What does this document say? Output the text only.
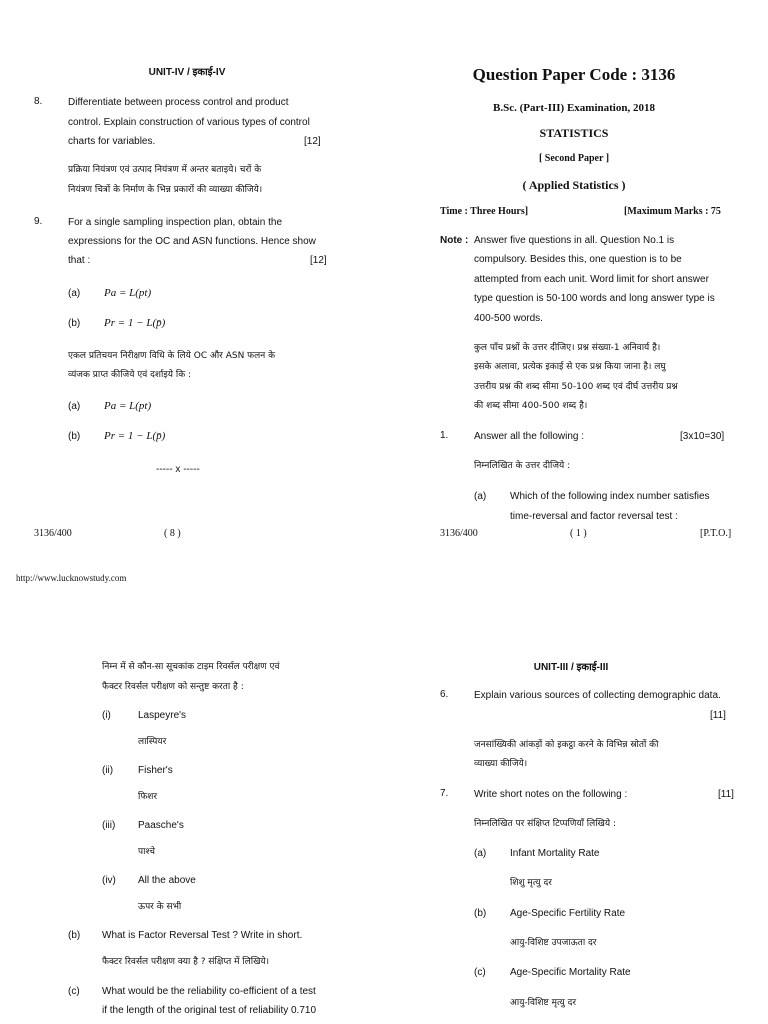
UNIT-IV / इकाई-IV
8.	Differentiate between process control and product
control. Explain construction of various types of control
charts for variables.	[12]
प्रक्रिया नियंत्रण एवं उत्पाद नियंत्रण में अन्तर बताइये। चरों के
नियंत्रण चित्रों के निर्माण के भिन्न प्रकारों की व्याख्या कीजिये।
9.	For a single sampling inspection plan, obtain the
expressions for the OC and ASN functions. Hence show
that :	[12]
(a) Pa = L(pt)
(b) Pr = 1 − L(p̄)
एकल प्रतिचयन निरीक्षण विधि के लिये OC और ASN फलन के
व्यंजक प्राप्त कीजिये एवं दर्शाइये कि :
(a) Pa = L(pt)
(b) Pr = 1 − L(p̄)
----- x -----
3136/400	( 8 )
Question Paper Code : 3136
B.Sc. (Part-III) Examination, 2018
STATISTICS
[ Second Paper ]
( Applied Statistics )
Time : Three Hours]	[Maximum Marks : 75
Note : Answer five questions in all. Question No.1 is
compulsory. Besides this, one question is to be
attempted from each unit. Word limit for short answer
type question is 50-100 words and long answer type is
400-500 words.
कुल पाँच प्रश्नों के उत्तर दीजिए। प्रश्न संख्या-1 अनिवार्य है।
इसके अलावा, प्रत्येक इकाई से एक प्रश्न किया जाना है। लघु
उत्तरीय प्रश्न की शब्द सीमा 50-100 शब्द एवं दीर्घ उत्तरीय प्रश्न
की शब्द सीमा 400-500 शब्द है।
1.	Answer all the following :	[3x10=30]
निम्नलिखित के उत्तर दीजिये :
(a) Which of the following index number satisfies
time-reversal and factor reversal test :
3136/400	( 1 )	[P.T.O.]
http://www.lucknowstudy.com
निम्न में से कौन-सा सूचकांक टाइम रिवर्सल परीक्षण एवं
फैक्टर रिवर्सल परीक्षण को सन्तुष्ट करता है :
(i)	Laspeyre's
लास्पियर
(ii) Fisher's
फिशर
(iii) Paasche's
पाश्चे
(iv) All the above
ऊपर के सभी
(b) What is Factor Reversal Test ? Write in short.
फैक्टर रिवर्सल परीक्षण क्या है ? संक्षिप्त में लिखिये।
(c) What would be the reliability co-efficient of a test
if the length of the original test of reliability 0.710
UNIT-III / इकाई-III
6.	Explain various sources of collecting demographic data.
[11]
जनसांख्यिकी आंकड़ों को इकट्ठा करने के विभिन्न स्रोतों की
व्याख्या कीजिये।
7.	Write short notes on the following :	[11]
निम्नलिखित पर संक्षिप्त टिप्पणियाँ लिखिये :
(a) Infant Mortality Rate
शिशु मृत्यु दर
(b) Age-Specific Fertility Rate
आयु-विशिष्ट उपजाऊता दर
(c) Age-Specific Mortality Rate
आयु-विशिष्ट मृत्यु दर
